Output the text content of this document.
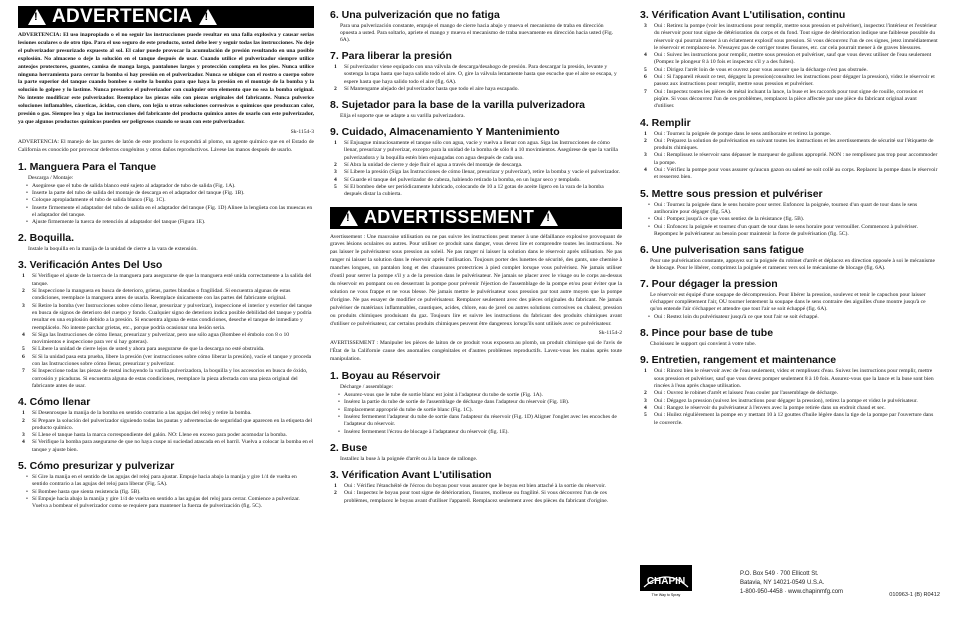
! ADVERTENCIA !

ADVERTENCIA: El uso inapropiado o el no seguir las instrucciones puede resultar en una falla explosiva y causar serias lesiones oculares o de otro tipo. Para el uso seguro de este producto, usted debe leer y seguir todas las instrucciones. No deje el pulverizador presurizado expuesto al sol. El calor puede provocar la acumulación de presión resultando en una posible explosión. No almacene o deje la solución en el tanque después de usar. Cuando utilice el pulverizador siempre utilice anteojos protectores, guantes, camisa de manga larga, pantalones largos y protección completa en los pies. Nunca utilice ninguna herramienta para cerrar la bomba si hay presión en el pulverizador. Nunca se ubique con el rostro o cuerpo sobre la parte superior del tanque cuando bombee o suelte la bomba para que haya la presión en el montaje de la bomba y la solución lo golpee y lo lastime. Nunca presurice el pulverizador con cualquier otro elemento que no sea la bomba original. No intente modificar este pulverizador. Reemplace las piezas sólo con piezas originales del fabricante. Nunca pulverice soluciones inflamables, cáusticas, ácidas, con cloro, con lejía u otras soluciones corrosivas o químicos que produzcan calor, presión o gas. Siempre lea y siga las instrucciones del fabricante del producto químico antes de usarlo con este pulverizador, ya que algunos productos químicos pueden ser peligrosos cuando se usan con este pulverizador.

Sk-1154-3

ADVERTENCIA: El manejo de las partes de latón de este producto lo expondrá al plomo, un agente químico que en el Estado de California es conocido por provocar defectos congénitos y otros daños reproductivos. Lávese las manos después de usarlo.

1. Manguera Para el Tanque
Descarga / Montaje:
• Asegúrese que el tubo de salida blanco esté sujeto al adaptador de tubo de salida (Fig. 1A).
• Inserte la parte del tubo de salida del montaje de descarga en el adaptador del tanque (Fig. 1B).
• Coloque apropiadamente el tubo de salida blanco (Fig. 1C).
• Inserte firmemente el adaptador del tubo de salida en el adaptador del tanque (Fig. 1D) Alinee la lengüeta con las muescas en el adaptador del tanque.
• Ajuste firmemente la tuerca de retención al adaptador del tanque (Figura 1E).
2. Boquilla.
Instale la boquilla en la manija de la unidad de cierre a la vara de extensión.
3. Verificación Antes Del Uso
1 Sí Verifique el ajuste de la tuerca de la manguera para asegurarse de que la manguera esté unida correctamente a la salida del tanque.
2 Sí Inspeccione la manguera en busca de deterioro, grietas, partes blandas o fragilidad. Si encuentra algunas de estas condiciones, reemplace la manguera antes de usarla. Reemplace únicamente con las partes del fabricante original.
3 Sí Retire la bomba (ver Instrucciones sobre cómo llenar, presurizar y pulverizar), inspeccione el interior y exterior del tanque en busca de signos de deterioro del cuerpo y fondo. Cualquier signo de deterioro indica posible debilidad del tanque y podría resultar en una explosión debido a la presión. Si encuentra alguna de estas condiciones, deseche el tanque de inmediato y reemplácelo. No intente parchar grietas, etc., porque podría ocasionar una lesión seria.
4 Sí Siga las Instrucciones de cómo llenar, presurizar y pulverizar, pero use sólo agua (Bombee el émbolo con 8 o 10 movimientos e inspeccione para ver si hay goteras).
5 Sí Libere la unidad de cierre lejos de usted y ahora para asegurarse de que la descarga no esté obstruida.
6 Sí Si la unidad pasa esta prueba, libere la presión (ver instrucciones sobre cómo liberar la presión), vacíe el tanque y proceda con las Instrucciones sobre cómo llenar, presurizar y pulverizar.
7 Sí Inspeccione todas las piezas de metal incluyendo la varilla pulverizadora, la boquilla y los accesorios en busca de óxido, corrosión y picaduras. Si encuentra alguna de estas condiciones, reemplace la pieza afectada con una pieza original del fabricante antes de usar.
4. Cómo llenar
1 Sí Desenrosque la manija de la bomba en sentido contrario a las agujas del reloj y retire la bomba.
2 Sí Prepare la solución del pulverizador siguiendo todas las pautas y advertencias de seguridad que aparecen en la etiqueta del producto químico.
3 Sí Llene el tanque hasta la marca correspondiente del galón. NO: Llene en exceso para poder acomodar la bomba.
4 Sí Verifique la bomba para asegurarse de que no haya cuspe ni suciedad atascada en el barril. Vuelva a colocar la bomba en el tanque y ajuste bien.
5. Cómo presurizar y pulverizar
• Sí Gire la manija en el sentido de las agujas del reloj para ajustar. Empuje hacia abajo la manija y gire 1/4 de vuelta en sentido contrario a las agujas del reloj para liberar (Fig. 5A).
• Sí Bombee hasta que sienta resistencia (fig. 5B).
• Sí Empuje hacia abajo la manija y gire 1/4 de vuelta en sentido a las agujas del reloj para cerrar. Comience a pulverizar. Vuelva a bombear el pulverizador como se requiere para mantener la fuerza de pulverización (fig. 5C).
6. Una pulverización que no fatiga
Para una pulverización constante, empuje el mango de cierre hacia abajo y mueva el mecanismo de traba en dirección opuesta a usted. Para soltarlo, apriete el mango y mueva el mecanismo de traba nuevamente en dirección hacia usted (Fig. 6A).
7. Para liberar la presión
1 Sí pulverizador viene equipado con una válvula de descarga/desahogo de presión. Para descargar la presión, levante y sostenga la tapa hasta que haya salido todo el aire. O, gire la válvula lentamente hasta que escuche que el aire se escapa, y espere hasta que haya salido todo el aire (fig. 6A).
2 Sí Mantengame alejado del pulverizador hasta que todo el aire haya escapado.
8. Sujetador para la base de la varilla pulverizadora
Elija el soporte que se adapte a su varilla pulverizadora.
9. Cuidado, Almacenamiento Y Mantenimiento
1 Sí Enjuague minuciosamente el tanque sólo con agua, vacíe y vuelva a llenar con agua. Siga las Instrucciones de cómo llenar, presurizar y pulverizar, excepto para la unidad de la bomba de sólo 8 a 10 movimientos. Asegúrese de que la varilla pulverizadora y la boquilla estén bien enjuagadas con agua después de cada uso.
2 Sí Abra la unidad de cierre y deje fluir el agua a través del montaje de descarga.
3 Sí Libere la presión (Siga las Instrucciones de cómo llenar, presurizar y pulverizar), retire la bomba y vacíe el pulverizador.
4 Sí Guarde el tanque del pulverizador de cabeza, habiendo retirado la bomba, en un lugar seco y templado.
5 Sí El bombeo debe ser periódicamente lubricado, colocando de 10 a 12 gotas de aceite ligero en la vara de la bomba después distar la cubierta.
! ADVERTISSEMENT !

Avertissement : Une mauvaise utilisation ou ne pas suivre les instructions peut mener à une défaillance explosive provoquant de graves lésions oculaires ou autres. Pour utiliser ce produit sans danger, vous devez lire et comprendre toutes les instructions. Ne pas laisser le pulvérisateur sous pression au soleil. Ne pas ranger ni laisser la solution dans le réservoir après utilisation. Ne pas ranger ni laisser la solution dans le réservoir après l'utilisation. Toujours porter des lunettes de sécurité, des gants, une chemise à manches longues, un pantalon long et des chaussures protectrices à pied complet lorsque vous pulvérisez. Ne jamais utiliser d'outil pour serrer la pompe s'il y a de la pression dans le pulvérisateur. Ne jamais se placer avec le visage ou le corps au-dessus du réservoir en pompant ou en desserrant la pompe pour prévenir l'éjection de l'assemblage de la pompe et/ou pour éviter que la solution ne vous frappe et ne vous blesse. Ne jamais mettre le pulvérisateur sous pression par tout autre moyen que la pompe d'origine. Ne pas essayer de modifier ce pulvérisateur. Remplacer seulement avec des pièces originales du fabricant. Ne jamais pulvériser de matériaux inflammables, caustiques, acides, chlore, eau de javel ou autres solutions corrosives ou chaleur, pression ou produits chimiques produisant du gaz. Toujours lire et suivre les instructions du fabricant des produits chimiques avant d'utiliser ce pulvérisateur, car certains produits chimiques peuvent être dangereux lorsqu'ils sont utilisés avec ce pulvérisateur.

Sk-1154-2

AVERTISSEMENT : Manipuler les pièces de laiton de ce produit vous exposera au plomb, un produit chimique qui de l'avis de l'État de la Californie cause des anomalies congénitales et d'autres problèmes reproductifs. Lavez-vous les mains après toute manipulation.

1. Boyau au Réservoir
Décharge / assemblage:
• Assurez-vous que le tube de sortie blanc est joint à l'adapteur du tube de sortie (Fig. 1A).
• Insérez la partie du tube de sortie de l'assemblage de décharge dans l'adapteur du réservoir (Fig. 1B).
• Emplacement approprié du tube de sortie blanc (Fig. 1C).
• Insérez fermement l'adapteur du tube de sortie dans l'adapteur du réservoir (Fig. 1D) Aligner l'onglet avec les encoches de l'adapteur du réservoir.
• Insérez fermement l'écrou de blocage à l'adaptateur du réservoir (fig. 1E).
2. Buse
Installez la buse à la poignée d'arrêt ou à la lance de rallonge.
3. Vérification Avant L'utilisation
1 Oui : Vérifiez l'étanchéité de l'écrou du boyau pour vous assurer que le boyau est bien attaché à la sortie du réservoir.
2 Oui : Inspectez le boyau pour tout signe de détérioration, fissures, mollesse ou fragilité. Si vous découvrez l'un de ces problèmes, remplacez le boyau avant d'utiliser l'appareil. Remplacez seulement avec des pièces du fabricant d'origine.
3. Vérification Avant L'utilisation, continu
3 Oui : Retirez la pompe (voir les instructions pour remplir, mettre sous pression et pulvériser), inspectez l'intérieur et l'extérieur du réservoir pour tout signe de détérioration du corps et du fond. Tout signe de détérioration indique une faiblesse possible du réservoir qui pourrait mener à un éclatement explosif sous pression. Si vous découvrez l'un de ces signes, jetez immédiatement le réservoir et remplacez-le. N'essayez pas de corriger toutes fissures, etc. car cela pourrait mener à de graves blessures.
4 Oui : Suivez les instructions pour remplir, mettre sous pression et pulvériser, sauf que vous devez utiliser de l'eau seulement (Pompez le plongeur 8 à 10 fois et inspectez s'il y a des fuites).
5 Oui : Dirigez l'arrêt loin de vous et ouvrez pour vous assurer que la décharge n'est pas obstruée.
6 Oui : Si l'appareil réussit ce test, dégagez la pression(consultez les instructions pour dégager la pression), videz le réservoir et passez aux instructions pour remplir, mettre sous pression et pulvériser.
7 Oui : Inspectez toutes les pièces de métal incluant la lance, la buse et les raccords pour tout signe de rouille, corrosion et piqûre. Si vous découvrez l'un de ces problèmes, remplacez la pièce affectée par une pièce du fabricant original avant d'utiliser.
4. Remplir
1 Oui : Tournez la poignée de pompe dans le sens antihoraire et retirez la pompe.
2 Oui : Préparez la solution de pulvérisation en suivant toutes les instructions et les avertissements de sécurité sur l'étiquette de produits chimiques.
3 Oui : Remplissez le réservoir sans dépasser le marqueur de gallons approprié. NON : ne remplissez pas trop pour accommoder la pompe.
4 Oui : Vérifiez la pompe pour vous assurer qu'aucun gazon ou saleté ne soit collé au corps. Replacez la pompe dans le réservoir et resserrez bien.
5. Mettre sous pression et pulvériser
• Oui : Tournez la poignée dans le sens horaire pour serrer. Enfoncez la poignée, tournez d'un quart de tour dans le sens antihoraire pour dégager (fig. 5A).
• Oui : Pompez jusqu'à ce que vous sentiez de la résistance (fig. 5B).
• Oui : Enfoncez la poignée et tournez d'un quart de tour dans le sens horaire pour verrouiller. Commencez à pulvériser. Repompez le pulvérisateur au besoin pour maintenir la force de pulvérisation (fig. 5C).
6. Une pulverisation sans fatigue
Pour une pulvérisation constante, appuyez sur la poignée du robinet d'arrêt et déplacez en direction opposée à soi le mécanisme de blocage. Pour le libérer, comprimez la poignée et ramenez vers soi le mécanisme de blocage (fig. 6A).
7. Pour dégager la pression
Le réservoir est équipé d'une soupape de décompression. Pour libérer la pression, soulevez et tenir le capuchon pour laisser s'échapper complètement l'air, OU tourner lentement la soupape dans le sens contraire des aiguilles d'une montre jusqu'à ce qu'on entende l'air s'échapper et attendre que tout l'air se soit échappé (fig. 6A).
• Oui : Restez loin du pulvérisateur jusqu'à ce que tout l'air se soit échappé.
8. Pince pour base de tube
Choisissez le support qui convient à votre tube.
9. Entretien, rangement et maintenance
1 Oui : Rincez bien le réservoir avec de l'eau seulement, videz et remplissez d'eau. Suivez les instructions pour remplir, mettre sous pression et pulvériser, sauf que vous devez pomper seulement 8 à 10 fois. Assurez-vous que la lance et la buse sont bien rincées à l'eau après chaque utilisation.
2 Oui : Ouvrez le robinet d'arrêt et laissez l'eau couler par l'assemblage de décharge.
3 Oui : Dégagez la pression (suivez les instructions pour dégager la pression), retirez la pompe et videz le pulvérisateur.
4 Oui : Rangez le réservoir du pulvérisateur à l'envers avec la pompe retirée dans un endroit chaud et sec.
5 Oui : Huilez régulièrement la pompe en y mettant 10 à 12 gouttes d'huile légère dans la tige de la pompe par l'ouverture dans le couvercle.
CHAPIN
The Way to Spray
P.O. Box 549 · 700 Ellicott St.
Batavia, NY 14021-0549 U.S.A.
1-800-950-4458 · www.chapinmfg.com	010963-1 (B) R0412
